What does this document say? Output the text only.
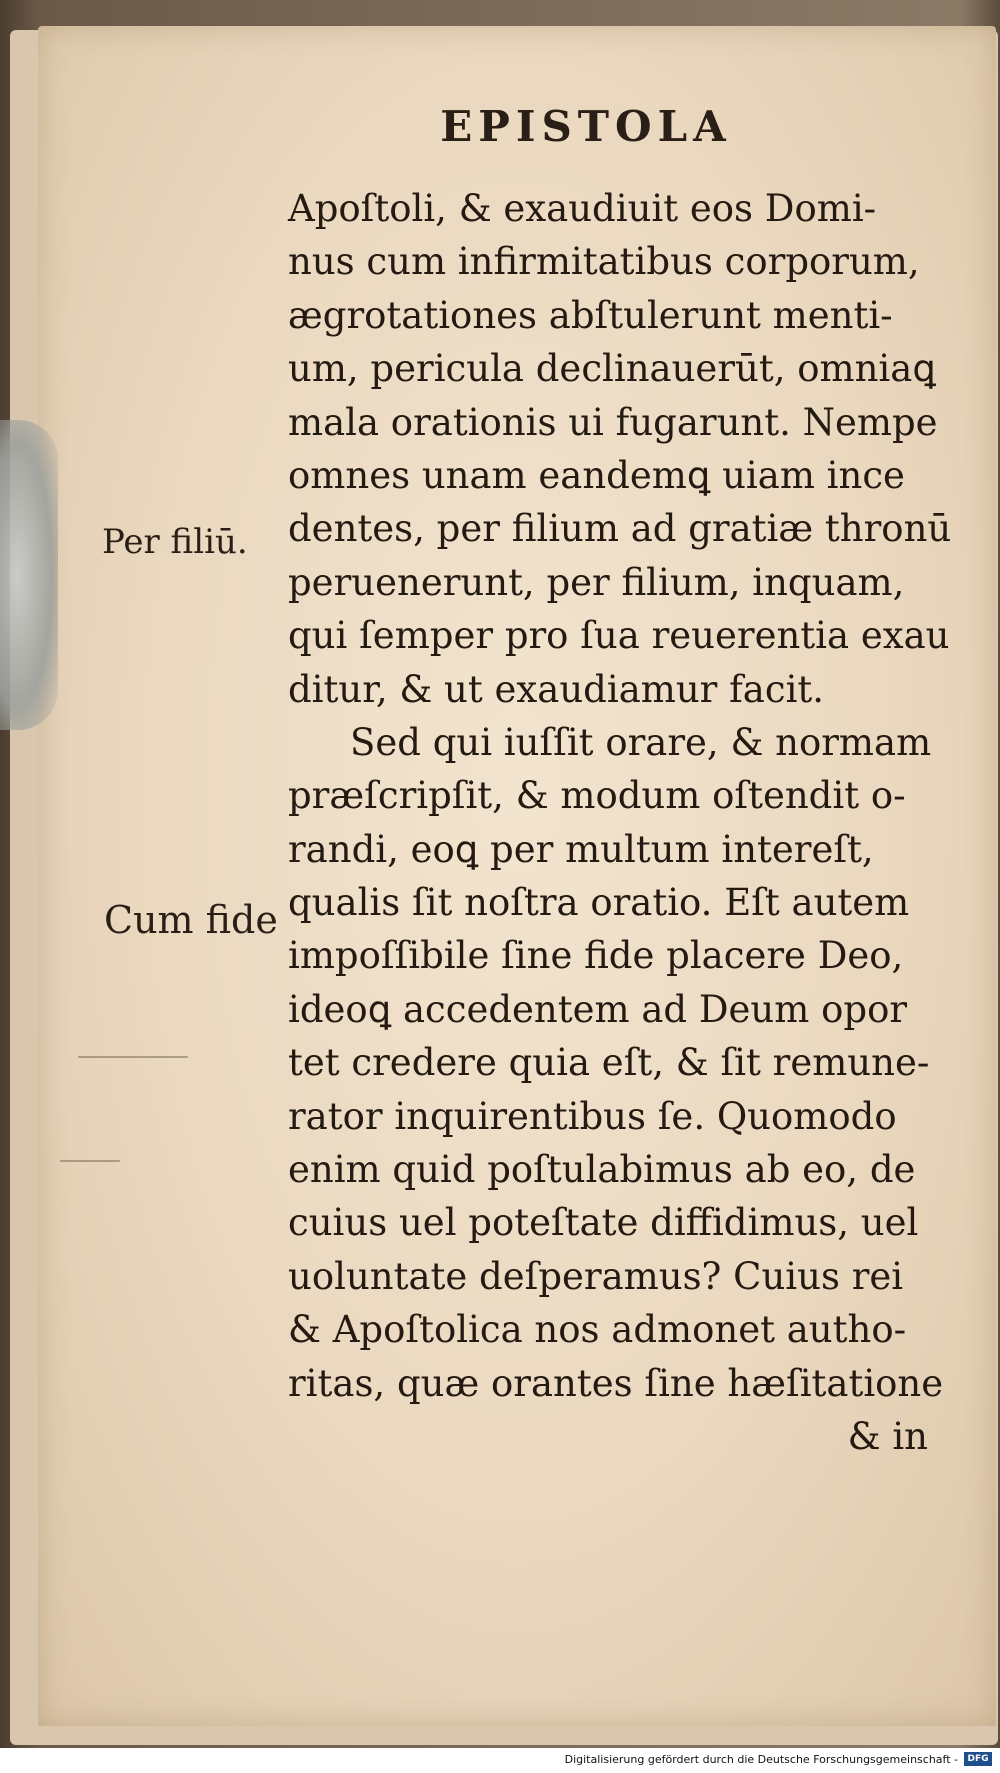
EPISTOLA
Per filiū.
Cum fide
Apoſtoli, & exaudiuit eos Domi-
nus cum infirmitatibus corporum,
ægrotationes abſtulerunt menti-
um, pericula declinauerūt, omniaꝗ
mala orationis ui fugarunt. Nempe
omnes unam eandemꝗ uiam ince
dentes, per filium ad gratiæ thronū
peruenerunt, per filium, inquam,
qui ſemper pro ſua reuerentia exau
ditur, & ut exaudiamur facit.
Sed qui iuſſit orare, & normam
præſcripſit, & modum oſtendit o-
randi, eoꝗ per multum intereſt,
qualis ſit noſtra oratio. Eſt autem
impoſſibile ſine fide placere Deo,
ideoꝗ accedentem ad Deum opor
tet credere quia eſt, & ſit remune-
rator inquirentibus ſe. Quomodo
enim quid poſtulabimus ab eo, de
cuius uel poteſtate diffidimus, uel
uoluntate deſperamus? Cuius rei
& Apoſtolica nos admonet autho-
ritas, quæ orantes ſine hæſitatione
& in
Digitalisierung gefördert durch die Deutsche Forschungsgemeinschaft -	DFG
